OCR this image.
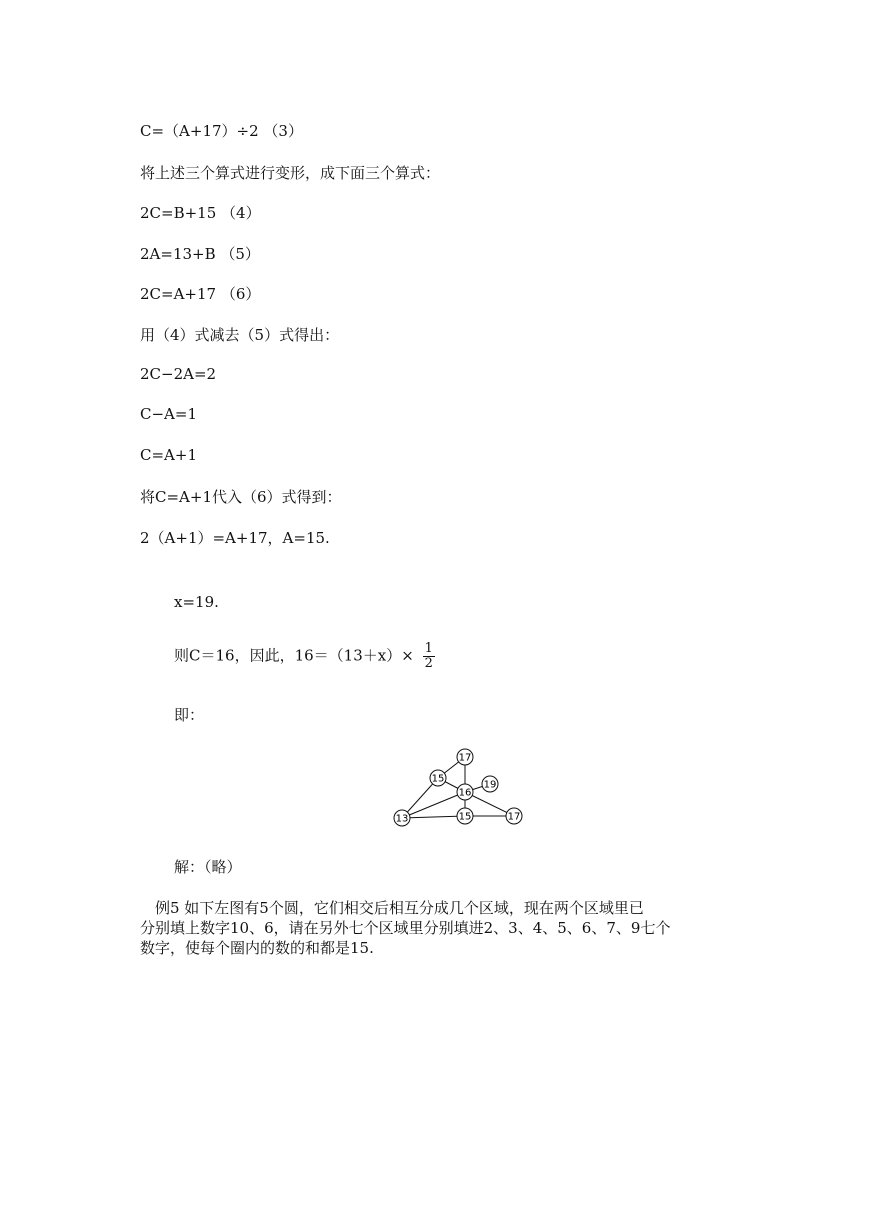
C=（A+17）÷2 （3）
将上述三个算式进行变形，成下面三个算式：
2C=B+15 （4）
2A=13+B （5）
2C=A+17 （6）
用（4）式减去（5）式得出：
2C−2A=2
C−A=1
C=A+1
将C=A+1代入（6）式得到：
2（A+1）=A+17，A=15.
x=19.
则C＝16，因此，$16=(13+x)\times \frac{1}{2}$
即：
17
15
19
16
13	15	17
解：（略）
　例5 如下左图有5个圆，它们相交后相互分成几个区域，现在两个区域里已
分别填上数字10、6，请在另外七个区域里分别填进2、3、4、5、6、7、9七个
数字，使每个圈内的数的和都是15.
